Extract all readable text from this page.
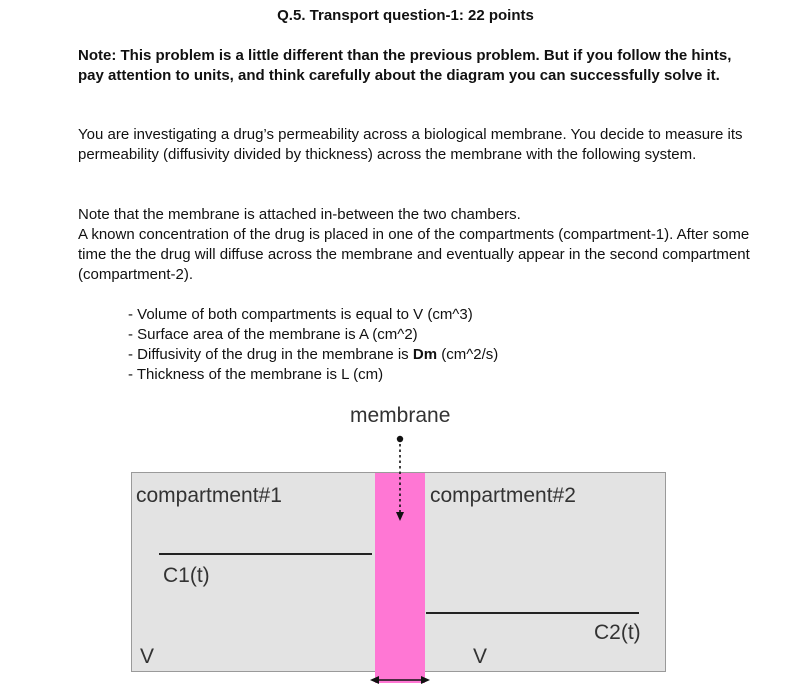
Q.5. Transport question-1: 22 points
Note: This problem is a little different than the previous problem. But if you follow the hints, pay attention to units, and think carefully about the diagram you can successfully solve it.
You are investigating a drug’s permeability across a biological membrane. You decide to measure its permeability (diffusivity divided by thickness) across the membrane with the following system.
Note that the membrane is attached in-between the two chambers.
A known concentration of the drug is placed in one of the compartments (compartment-1). After some time the the drug will diffuse across the membrane and eventually appear in the second compartment (compartment-2).
- Volume of both compartments is equal to V (cm^3)
- Surface area of the membrane is A (cm^2)
- Diffusivity of the drug in the membrane is Dm (cm^2/s)
- Thickness of the membrane is L (cm)
membrane
compartment#1	compartment#2
C1(t)
C2(t)
V	V
